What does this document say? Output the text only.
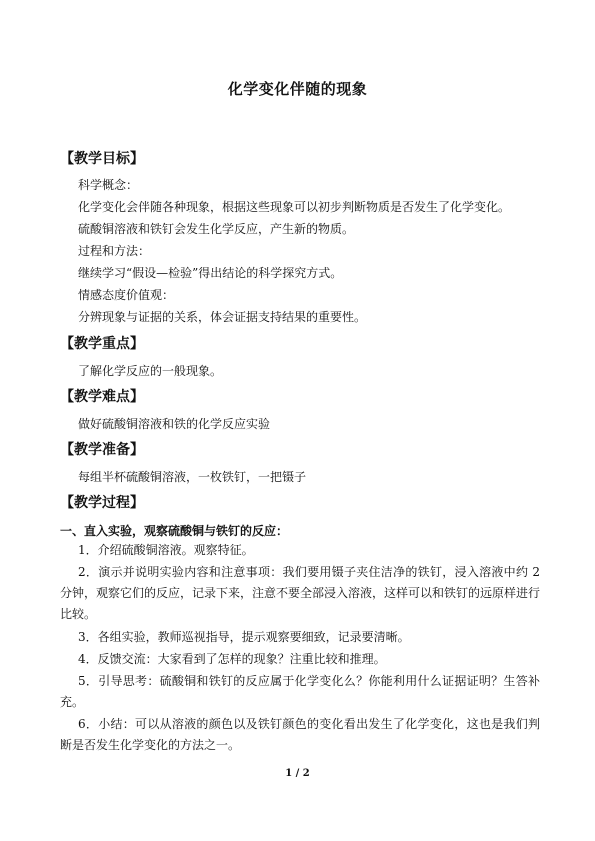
化学变化伴随的现象
【教学目标】
科学概念：
化学变化会伴随各种现象，根据这些现象可以初步判断物质是否发生了化学变化。
硫酸铜溶液和铁钉会发生化学反应，产生新的物质。
过程和方法：
继续学习“假设—检验”得出结论的科学探究方式。
情感态度价值观：
分辨现象与证据的关系，体会证据支持结果的重要性。
【教学重点】
了解化学反应的一般现象。
【教学难点】
做好硫酸铜溶液和铁的化学反应实验
【教学准备】
每组半杯硫酸铜溶液，一枚铁钉，一把镊子
【教学过程】
一、直入实验，观察硫酸铜与铁钉的反应：
1．介绍硫酸铜溶液。观察特征。
2．演示并说明实验内容和注意事项：我们要用镊子夹住洁净的铁钉，浸入溶液中约 2 分钟，观察它们的反应，记录下来，注意不要全部浸入溶液，这样可以和铁钉的远原样进行比较。
3．各组实验，教师巡视指导，提示观察要细致，记录要清晰。
4．反馈交流：大家看到了怎样的现象？注重比较和推理。
5．引导思考：硫酸铜和铁钉的反应属于化学变化么？你能利用什么证据证明？生答补充。
6．小结：可以从溶液的颜色以及铁钉颜色的变化看出发生了化学变化，这也是我们判断是否发生化学变化的方法之一。
1 / 2
